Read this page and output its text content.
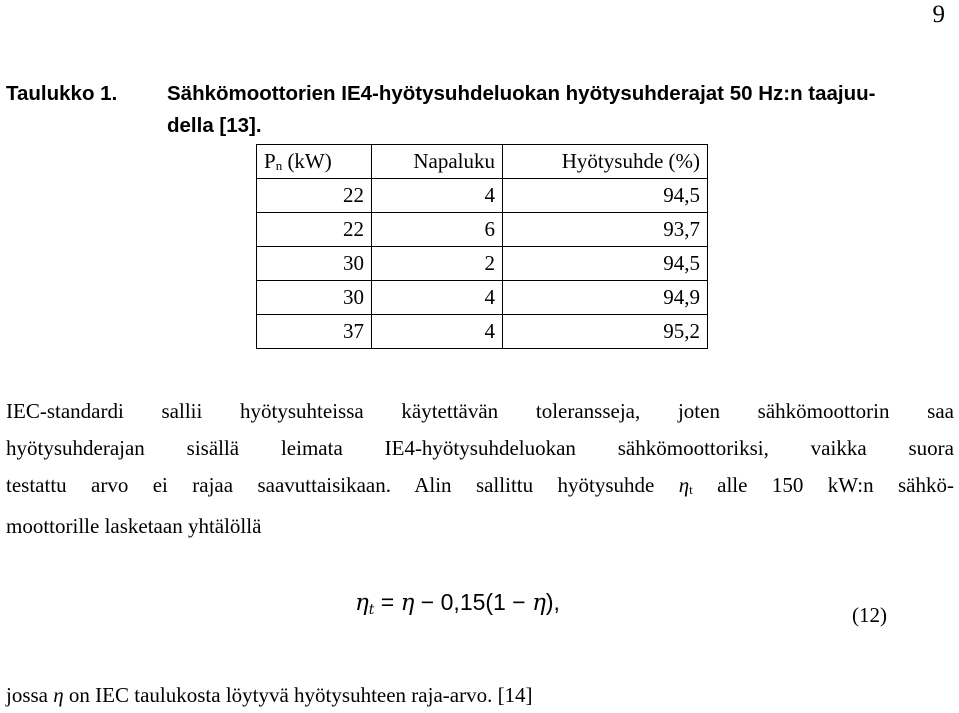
9
Taulukko 1.	Sähkömoottorien IE4-hyötysuhdeluokan hyötysuhderajat 50 Hz:n taajuu-
della [13].
Pn (kW)	Napaluku	Hyötysuhde (%)
22	4	94,5
22	6	93,7
30	2	94,5
30	4	94,9
37	4	95,2
IEC-standardi sallii hyötysuhteissa käytettävän toleransseja, joten sähkömoottorin saa
hyötysuhderajan sisällä leimata IE4-hyötysuhdeluokan sähkömoottoriksi, vaikka suora
testattu arvo ei rajaa saavuttaisikaan. Alin sallittu hyötysuhde ηt alle 150 kW:n sähkö-
moottorille lasketaan yhtälöllä
ηt = η − 0,15(1 − η),	(12)
jossa η on IEC taulukosta löytyvä hyötysuhteen raja-arvo. [14]
